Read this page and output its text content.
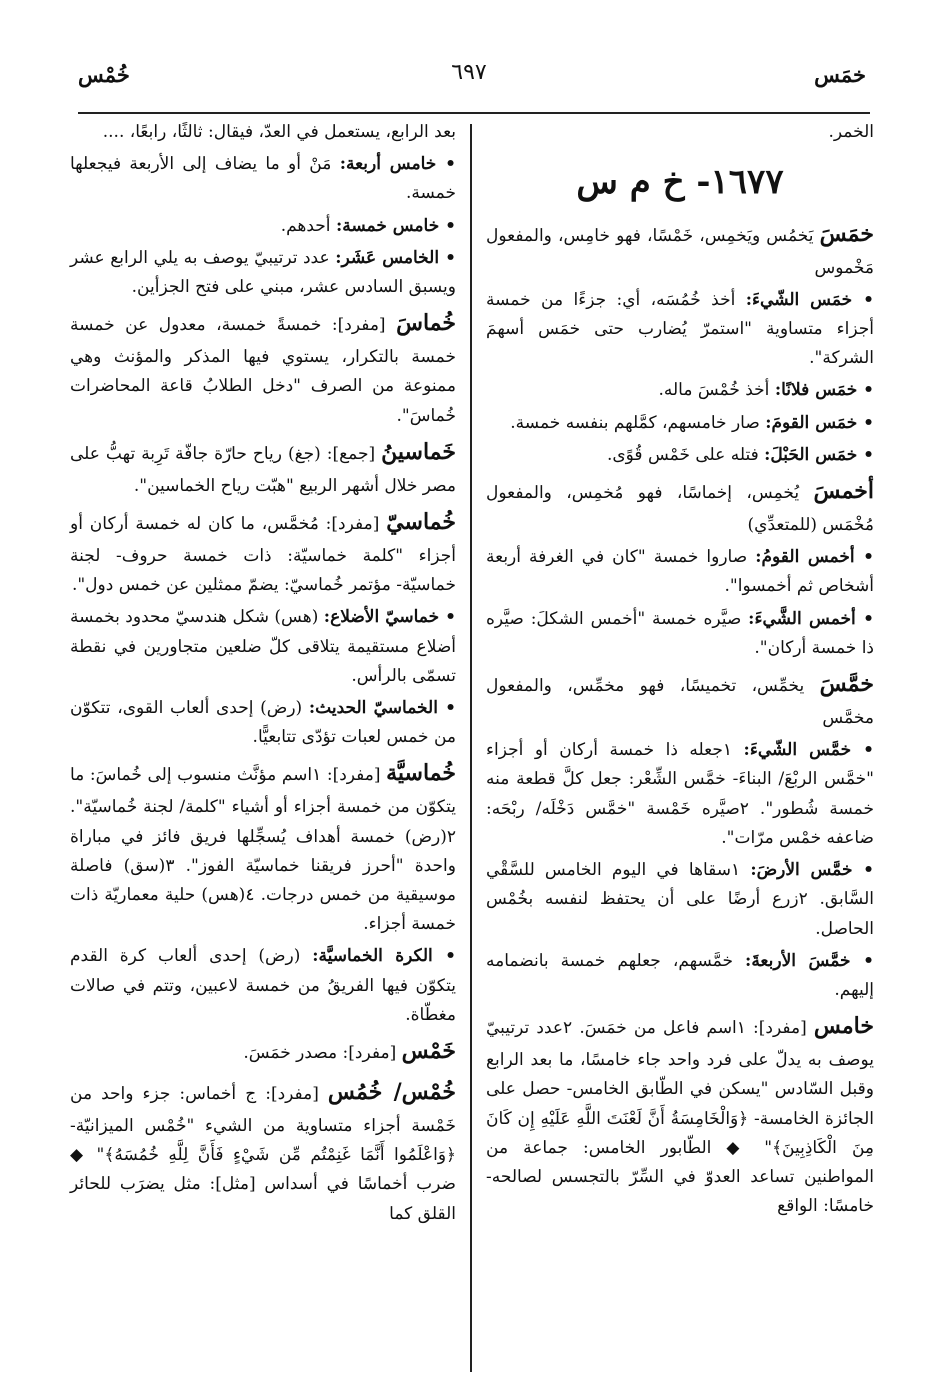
خمَس
٦٩٧
خُمْس

الخمر.

١٦٧٧- خ م س

خمَسَ يَخمُس ويَخمِس، خَمْسًا، فهو خامِس، والمفعول مَخْموس

• خمَس الشّيءَ: أخذ خُمُسَه، أي: جزءًا من خمسة أجزاء متساوية "استمرّ يُضارب حتى خمَس أسهمَ الشركة".

• خمَس فلانًا: أخذ خُمْسَ ماله.

• خمَس القومَ: صار خامسهم، كمَّلهم بنفسه خمسة.

• خمَس الحَبْلَ: فتله على خَمْس قُوًى.

أخمسَ يُخمِس، إخماسًا، فهو مُخمِس، والمفعول مُخْمَس (للمتعدِّي)

• أخمس القومُ: صاروا خمسة "كان في الغرفة أربعة أشخاص ثم أخمسوا".

• أخمس الشَّيءَ: صيَّره خمسة "أخمس الشكلَ: صيَّره ذا خمسة أركان".

خمَّسَ يخمِّس، تخميسًا، فهو مخمِّس، والمفعول مخمَّس

• خمَّس الشّيءَ: ١جعله ذا خمسة أركان أو أجزاء "خمَّس الربْعَ/ البناءَ- خمَّس الشِّعْر: جعل كلَّ قطعة منه خمسة شُطور". ٢صيَّره خَمْسة "خمَّس دَخْلَه/ ربْحَه: ضاعفه خمْس مرّات".

• خمَّس الأرضَ: ١سقاها في اليوم الخامس للسَّقْي السَّابق. ٢زرع أرضًا على أن يحتفظ لنفسه بخُمْس الحاصل.

• خمَّسَ الأربعةَ: خمَّسهم، جعلهم خمسة بانضمامه إليهم.

خامس [مفرد]: ١اسم فاعل من خمَسَ. ٢عدد ترتيبيّ يوصف به يدلّ على فرد واحد جاء خامسًا، ما بعد الرابع وقبل السّادس "يسكن في الطّابق الخامس- حصل على الجائزة الخامسة- ﴿وَالْخَامِسَةُ أَنَّ لَعْنَتَ اللَّهِ عَلَيْهِ إِن كَانَ مِنَ الْكَاذِبِينَ﴾" ◆ الطّابور الخامس: جماعة من المواطنين تساعد العدوّ في السِّرّ بالتجسس لصالحه- خامسًا: الواقع

بعد الرابع، يستعمل في العدّ، فيقال: ثالثًا، رابعًا، ....

• خامس أربعة: مَنْ أو ما يضاف إلى الأربعة فيجعلها خمسة.

• خامس خمسة: أحدهم.

• الخامس عَشَر: عدد ترتيبيّ يوصف به يلي الرابع عشر ويسبق السادس عشر، مبني على فتح الجزأين.

خُماسَ [مفرد]: خمسةً خمسة، معدول عن خمسة خمسة بالتكرار، يستوي فيها المذكر والمؤنث وهي ممنوعة من الصرف "دخل الطلابُ قاعة المحاضرات خُماسَ".

خَماسينُ [جمع]: (جغ) رياح حارّة جافّة تَرِبة تهبُّ على مصر خلال أشهر الربيع "هبّت رياح الخماسين".

خُماسيّ [مفرد]: مُخمَّس، ما كان له خمسة أركان أو أجزاء "كلمة خماسيّة: ذات خمسة حروف- لجنة خماسيّة- مؤتمر خُماسيّ: يضمّ ممثلين عن خمس دول".

• خماسيّ الأضلاع: (هس) شكل هندسيّ محدود بخمسة أضلاع مستقيمة يتلاقى كلّ ضلعين متجاورين في نقطة تسمّى بالرأس.

• الخماسيّ الحديث: (رض) إحدى ألعاب القوى، تتكوّن من خمس لعبات تؤدّى تتابعيًّا.

خُماسيَّة [مفرد]: ١اسم مؤنَّث منسوب إلى خُماسَ: ما يتكوّن من خمسة أجزاء أو أشياء "كلمة/ لجنة خُماسيّة". ٢(رض) خمسة أهداف يُسجِّلها فريق فائز في مباراة واحدة "أحرز فريقنا خماسيّة الفوز". ٣(سق) فاصلة موسيقية من خمس درجات. ٤(هس) حلية معماريّة ذات خمسة أجزاء.

• الكرة الخماسيَّة: (رض) إحدى ألعاب كرة القدم يتكوّن فيها الفريقُ من خمسة لاعبين، وتتم في صالات مغطّاة.

خَمْس [مفرد]: مصدر خمَسَ.

خُمْس/ خُمُس [مفرد]: ج أخماس: جزء واحد من خَمْسة أجزاء متساوية من الشيء "خُمْس الميزانيّة- ﴿وَاعْلَمُوا أَنَّمَا غَنِمْتُم مِّن شَيْءٍ فَأَنَّ لِلَّهِ خُمُسَهُ﴾" ◆ ضرب أخماسًا في أسداس [مثل]: مثل يضرَب للحائر القلق كما
